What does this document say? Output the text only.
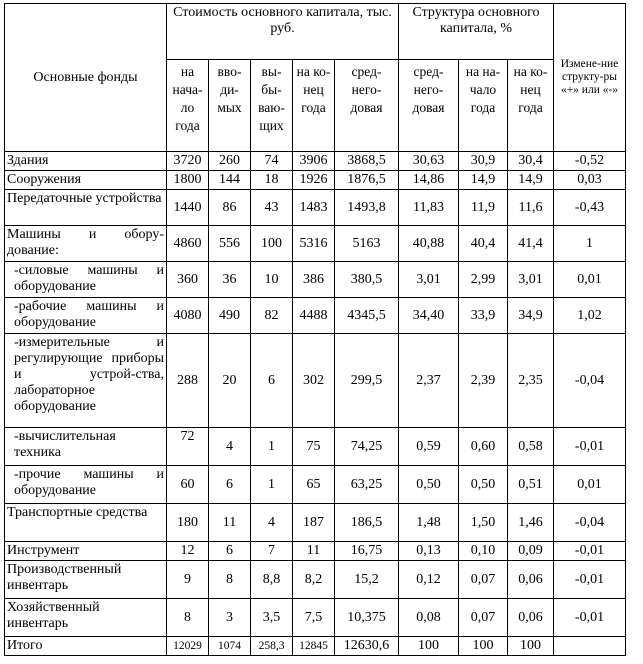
Основные фонды	Стоимость основного капитала, тыс. руб.					Структура основного капитала, %			Измене-ние структу-ры «+» или «-»
	на нача-ло года	вво-ди-мых	вы-бы-ваю-щих	на ко-нец года	сред-него-довая	сред-него-довая	на на-чало года	на ко-нец года	
Здания	3720	260	74	3906	3868,5	30,63	30,9	30,4	-0,52
Сооружения	1800	144	18	1926	1876,5	14,86	14,9	14,9	0,03
Передаточные устройства	1440	86	43	1483	1493,8	11,83	11,9	11,6	-0,43
Машины и обору-дование:	4860	556	100	5316	5163	40,88	40,4	41,4	1
-силовые машины и оборудование	360	36	10	386	380,5	3,01	2,99	3,01	0,01
-рабочие машины и оборудование	4080	490	82	4488	4345,5	34,40	33,9	34,9	1,02
-измерительные и регулирующие приборы и устрой-ства, лабораторное оборудование	288	20	6	302	299,5	2,37	2,39	2,35	-0,04
-вычислительная техника	72	4	1	75	74,25	0,59	0,60	0,58	-0,01
-прочие машины и оборудование	60	6	1	65	63,25	0,50	0,50	0,51	0,01
Транспортные средства	180	11	4	187	186,5	1,48	1,50	1,46	-0,04
Инструмент	12	6	7	11	16,75	0,13	0,10	0,09	-0,01
Производственный инвентарь	9	8	8,8	8,2	15,2	0,12	0,07	0,06	-0,01
Хозяйственный инвентарь	8	3	3,5	7,5	10,375	0,08	0,07	0,06	-0,01
Итого	12029	1074	258,3	12845	12630,6	100	100	100	
